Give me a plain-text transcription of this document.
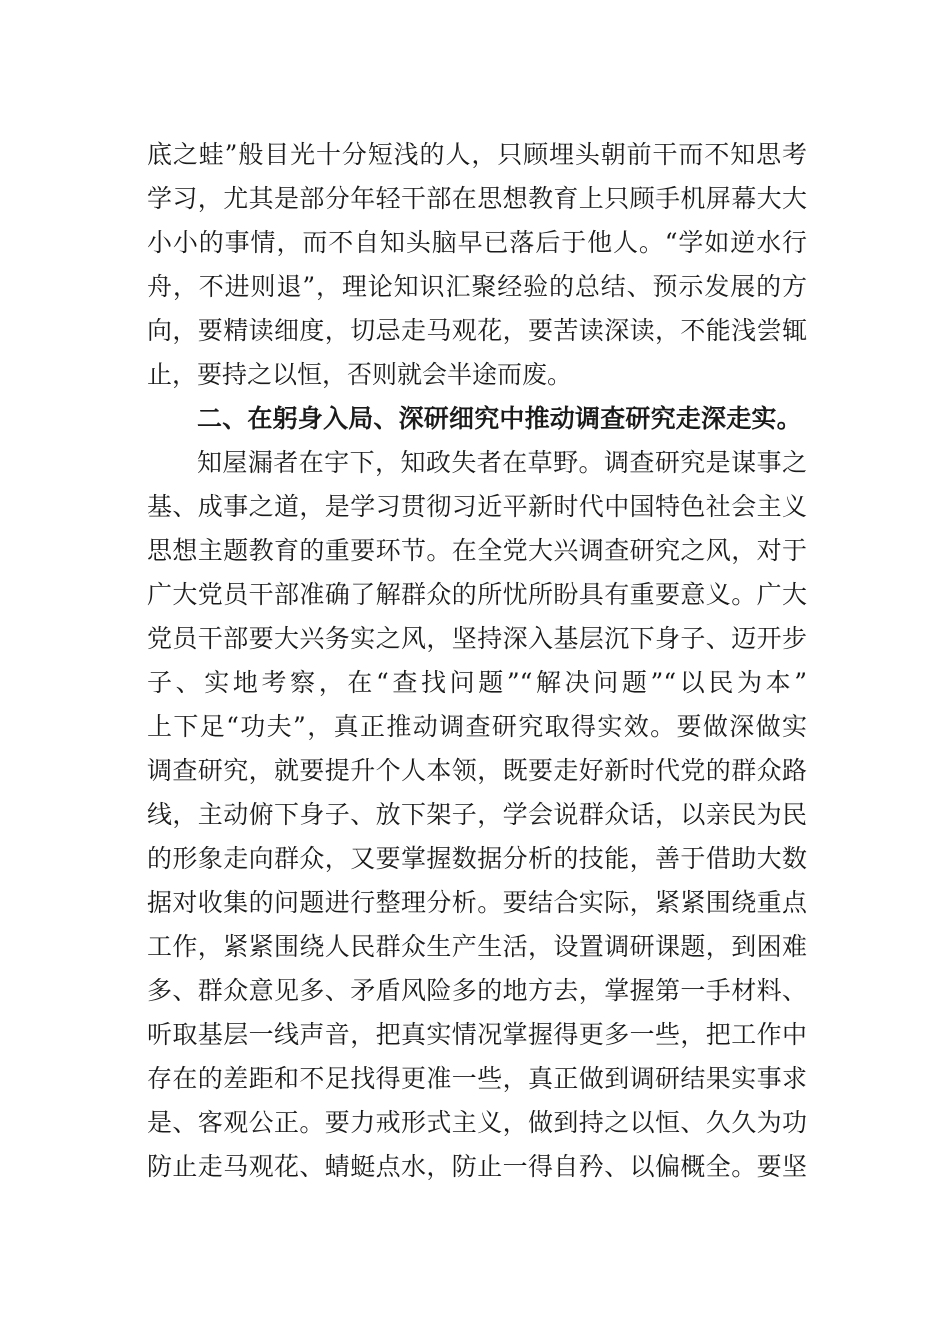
底之蛙”般目光十分短浅的人，只顾埋头朝前干而不知思考
学习，尤其是部分年轻干部在思想教育上只顾手机屏幕大大
小小的事情，而不自知头脑早已落后于他人。“学如逆水行
舟，不进则退”，理论知识汇聚经验的总结、预示发展的方
向，要精读细度，切忌走马观花，要苦读深读，不能浅尝辄
止，要持之以恒，否则就会半途而废。
二、在躬身入局、深研细究中推动调查研究走深走实。
知屋漏者在宇下，知政失者在草野。调查研究是谋事之
基、成事之道，是学习贯彻习近平新时代中国特色社会主义
思想主题教育的重要环节。在全党大兴调查研究之风，对于
广大党员干部准确了解群众的所忧所盼具有重要意义。广大
党员干部要大兴务实之风，坚持深入基层沉下身子、迈开步
子、实地考察，在“查找问题”“解决问题”“以民为本”
上下足“功夫”，真正推动调查研究取得实效。要做深做实
调查研究，就要提升个人本领，既要走好新时代党的群众路
线，主动俯下身子、放下架子，学会说群众话，以亲民为民
的形象走向群众，又要掌握数据分析的技能，善于借助大数
据对收集的问题进行整理分析。要结合实际，紧紧围绕重点
工作，紧紧围绕人民群众生产生活，设置调研课题，到困难
多、群众意见多、矛盾风险多的地方去，掌握第一手材料、
听取基层一线声音，把真实情况掌握得更多一些，把工作中
存在的差距和不足找得更准一些，真正做到调研结果实事求
是、客观公正。要力戒形式主义，做到持之以恒、久久为功
防止走马观花、蜻蜓点水，防止一得自矜、以偏概全。要坚
